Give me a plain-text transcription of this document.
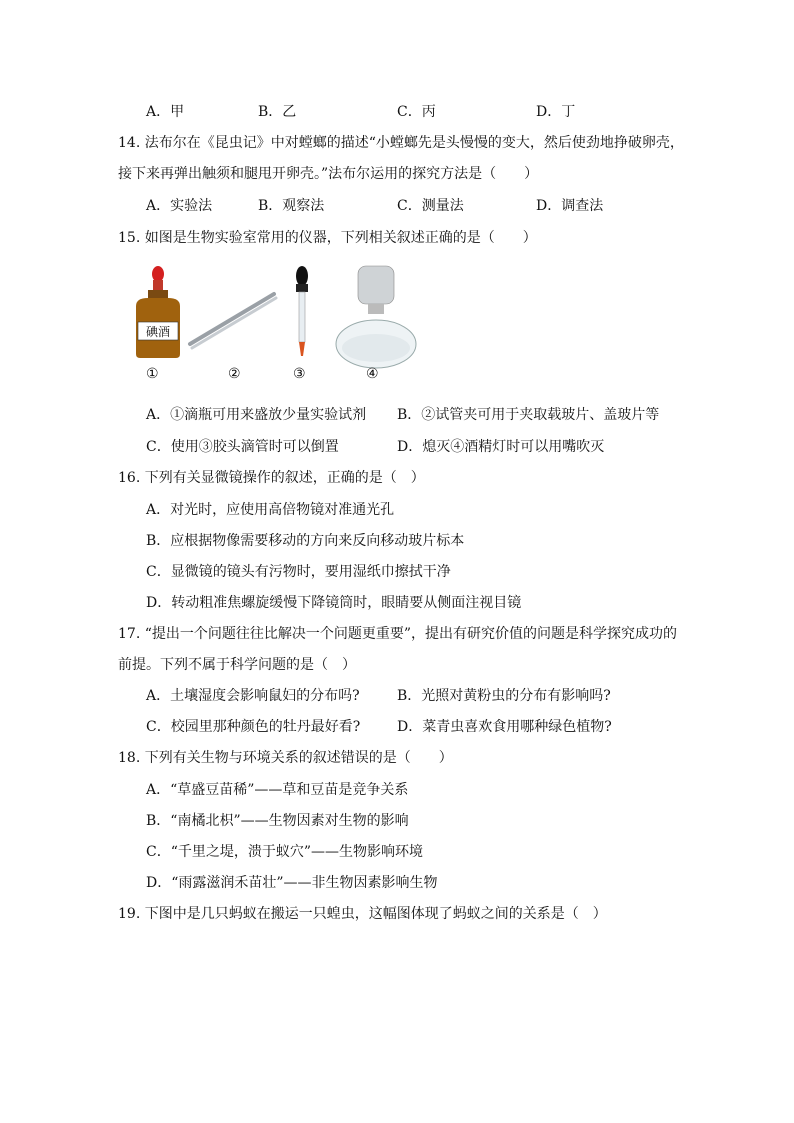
A．甲	B．乙	C．丙	D．丁
14. 法布尔在《昆虫记》中对螳螂的描述“小螳螂先是头慢慢的变大，然后使劲地挣破卵壳，
接下来再弹出触须和腿甩开卵壳。”法布尔运用的探究方法是（　　）
A．实验法	B．观察法	C．测量法	D．调查法
15. 如图是生物实验室常用的仪器，下列相关叙述正确的是（　　）
碘酒
①	②	③	④
A．①滴瓶可用来盛放少量实验试剂 B．②试管夹可用于夹取载玻片、盖玻片等
C．使用③胶头滴管时可以倒置	D．熄灭④酒精灯时可以用嘴吹灭
16. 下列有关显微镜操作的叙述，正确的是（　）
A．对光时，应使用高倍物镜对准通光孔
B．应根据物像需要移动的方向来反向移动玻片标本
C．显微镜的镜头有污物时，要用湿纸巾擦拭干净
D．转动粗准焦螺旋缓慢下降镜筒时，眼睛要从侧面注视目镜
17. “提出一个问题往往比解决一个问题更重要”，提出有研究价值的问题是科学探究成功的
前提。下列不属于科学问题的是（　）
A．土壤湿度会影响鼠妇的分布吗?	B．光照对黄粉虫的分布有影响吗?
C．校园里那种颜色的牡丹最好看?	D．菜青虫喜欢食用哪种绿色植物?
18. 下列有关生物与环境关系的叙述错误的是（　　）
A．“草盛豆苗稀”——草和豆苗是竞争关系
B．“南橘北枳”——生物因素对生物的影响
C．“千里之堤，溃于蚁穴”——生物影响环境
D．“雨露滋润禾苗壮”——非生物因素影响生物
19. 下图中是几只蚂蚁在搬运一只蝗虫，这幅图体现了蚂蚁之间的关系是（　）
